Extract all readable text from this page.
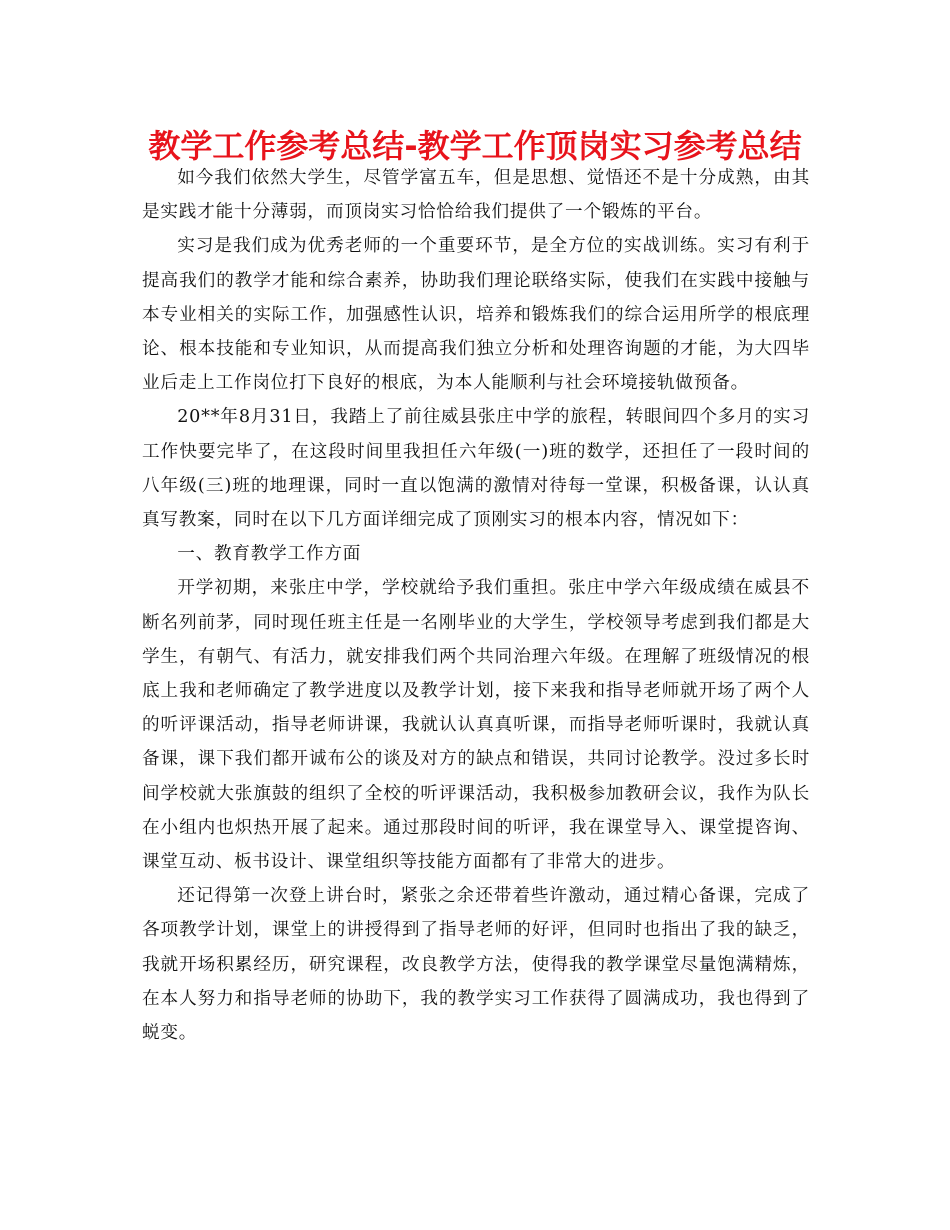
教学工作参考总结-教学工作顶岗实习参考总结

如今我们依然大学生，尽管学富五车，但是思想、觉悟还不是十分成熟，由其是实践才能十分薄弱，而顶岗实习恰恰给我们提供了一个锻炼的平台。

实习是我们成为优秀老师的一个重要环节，是全方位的实战训练。实习有利于提高我们的教学才能和综合素养，协助我们理论联络实际，使我们在实践中接触与本专业相关的实际工作，加强感性认识，培养和锻炼我们的综合运用所学的根底理论、根本技能和专业知识，从而提高我们独立分析和处理咨询题的才能，为大四毕业后走上工作岗位打下良好的根底，为本人能顺利与社会环境接轨做预备。

20**年8月31日，我踏上了前往威县张庄中学的旅程，转眼间四个多月的实习工作快要完毕了，在这段时间里我担任六年级(一)班的数学，还担任了一段时间的八年级(三)班的地理课，同时一直以饱满的激情对待每一堂课，积极备课，认认真真写教案，同时在以下几方面详细完成了顶刚实习的根本内容，情况如下：

一、教育教学工作方面

开学初期，来张庄中学，学校就给予我们重担。张庄中学六年级成绩在威县不断名列前茅，同时现任班主任是一名刚毕业的大学生，学校领导考虑到我们都是大学生，有朝气、有活力，就安排我们两个共同治理六年级。在理解了班级情况的根底上我和老师确定了教学进度以及教学计划，接下来我和指导老师就开场了两个人的听评课活动，指导老师讲课，我就认认真真听课，而指导老师听课时，我就认真备课，课下我们都开诚布公的谈及对方的缺点和错误，共同讨论教学。没过多长时间学校就大张旗鼓的组织了全校的听评课活动，我积极参加教研会议，我作为队长在小组内也炽热开展了起来。通过那段时间的听评，我在课堂导入、课堂提咨询、课堂互动、板书设计、课堂组织等技能方面都有了非常大的进步。

还记得第一次登上讲台时，紧张之余还带着些许激动，通过精心备课，完成了各项教学计划，课堂上的讲授得到了指导老师的好评，但同时也指出了我的缺乏，我就开场积累经历，研究课程，改良教学方法，使得我的教学课堂尽量饱满精炼，在本人努力和指导老师的协助下，我的教学实习工作获得了圆满成功，我也得到了蜕变。
